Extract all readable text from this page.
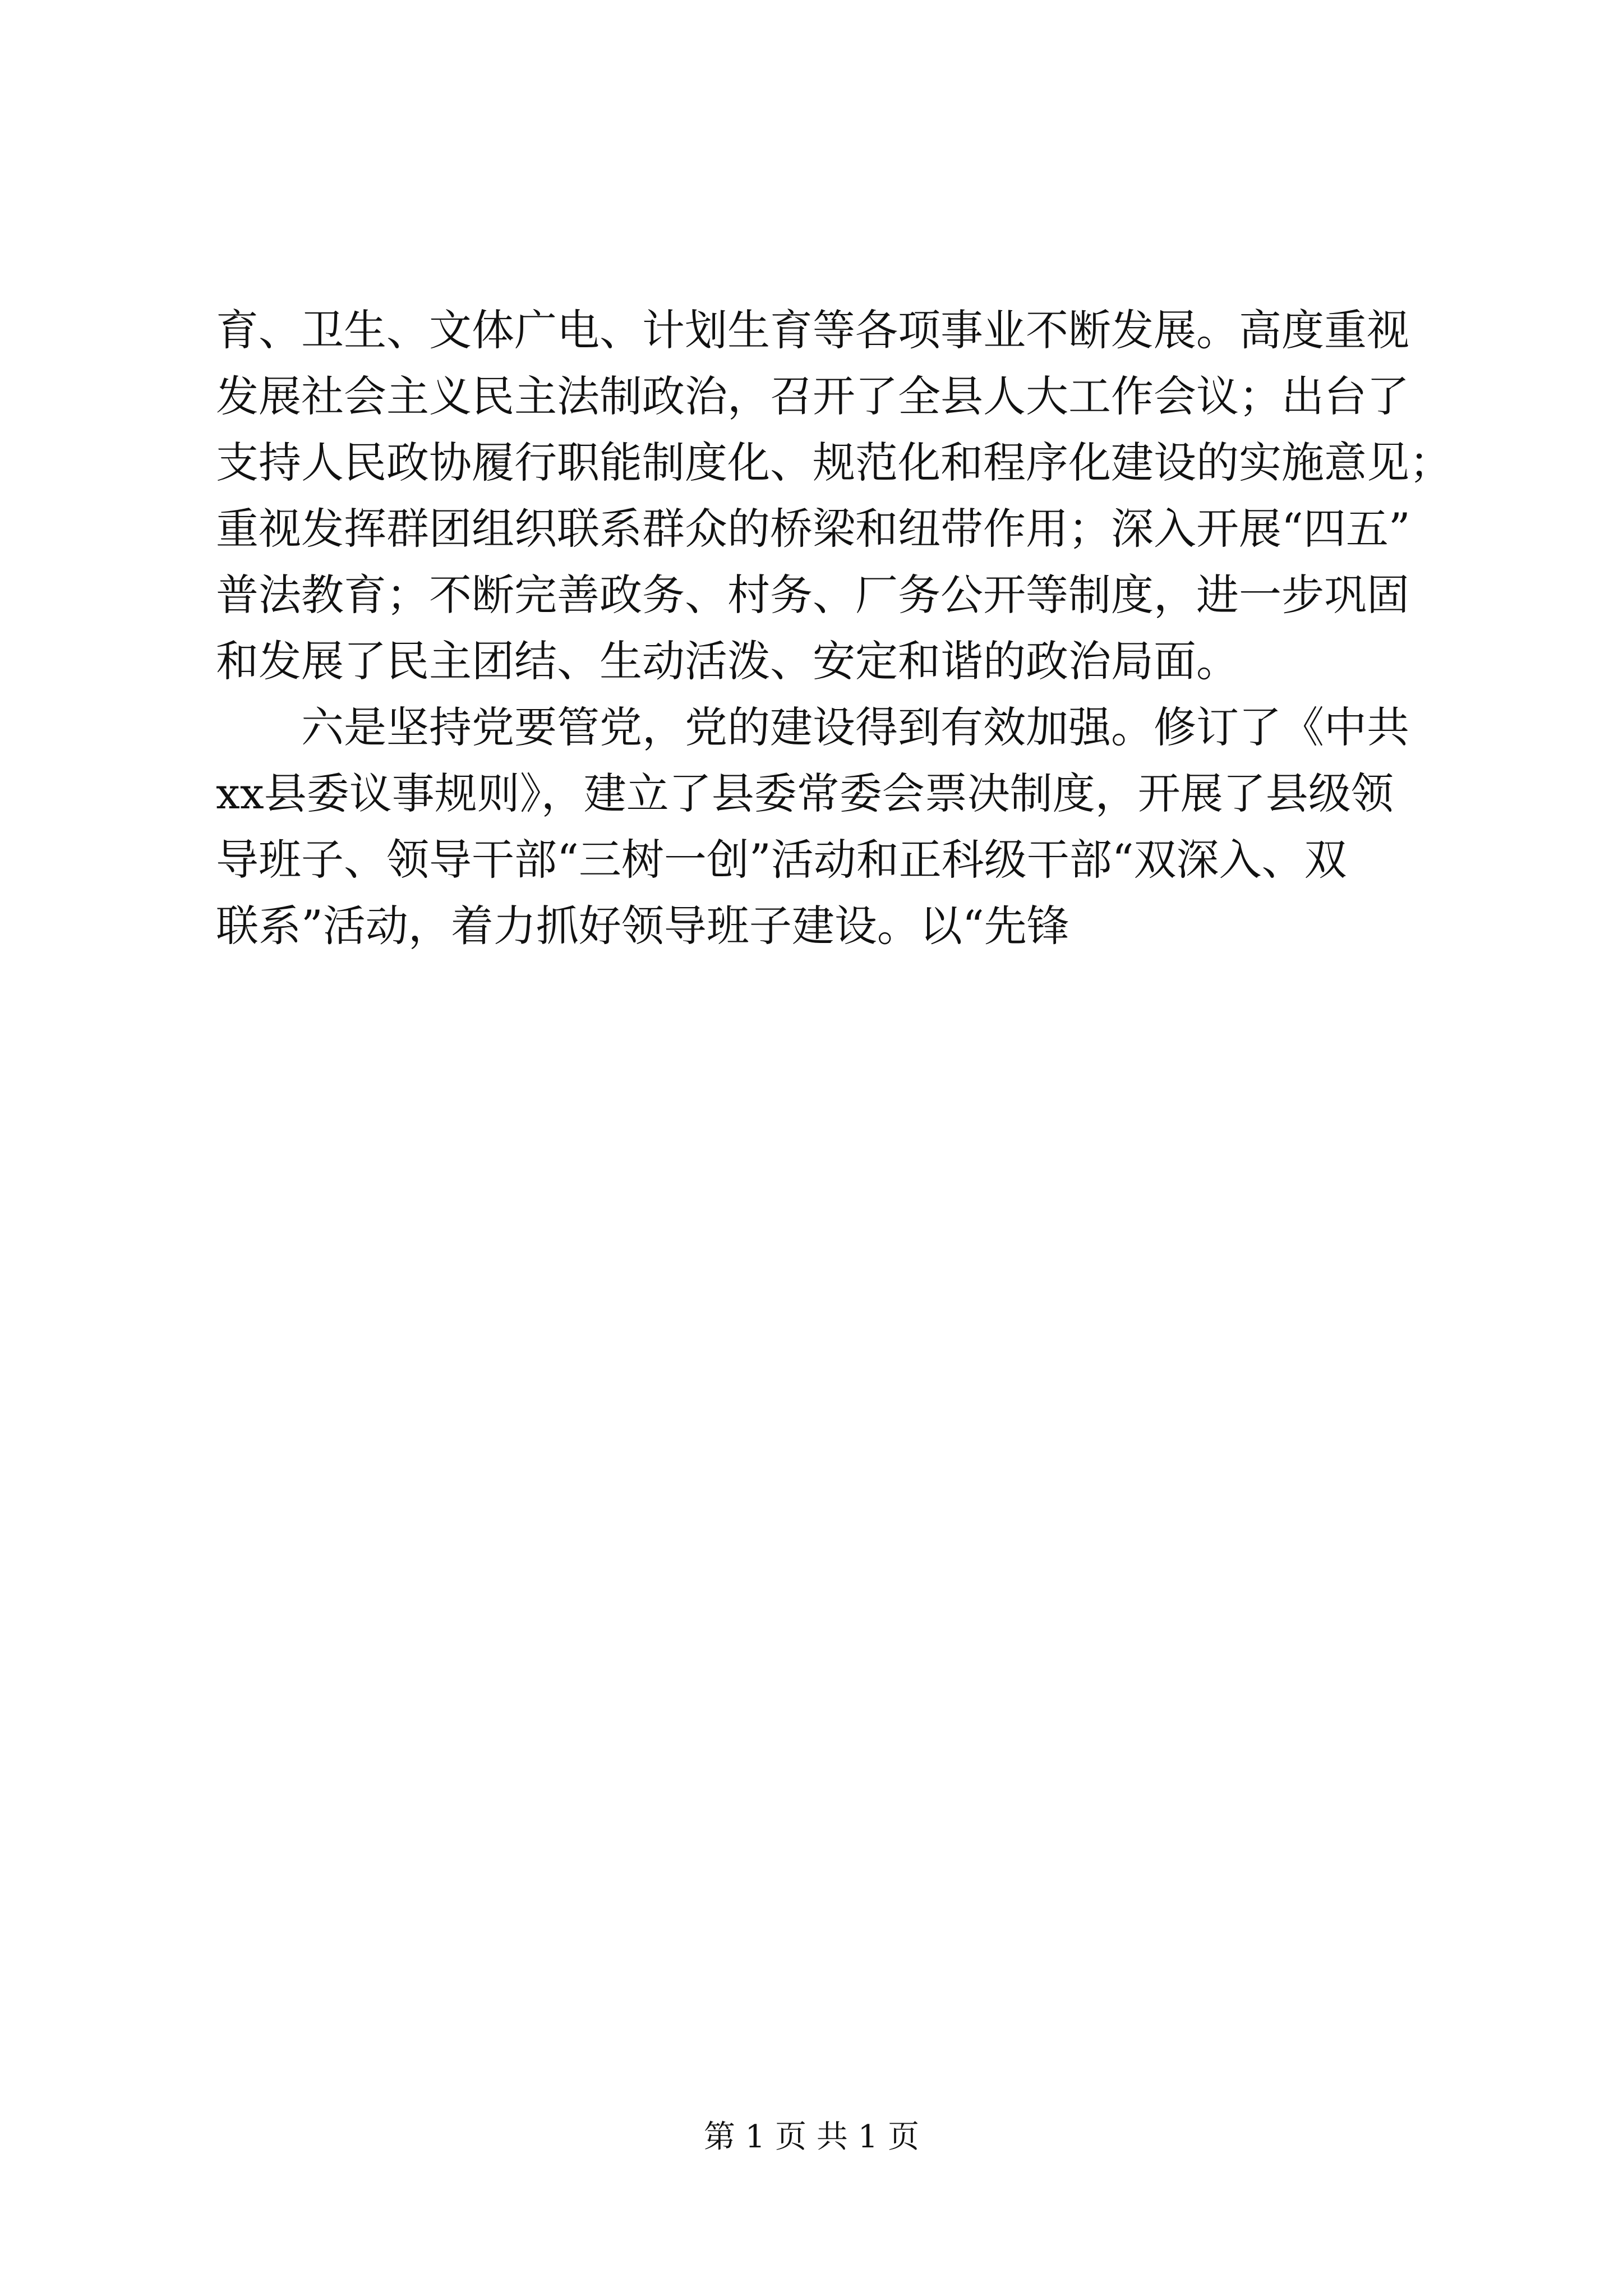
育、卫生、文体广电、计划生育等各项事业不断发展。高度重视
发展社会主义民主法制政治，召开了全县人大工作会议；出台了
支持人民政协履行职能制度化、规范化和程序化建设的实施意见；
重视发挥群团组织联系群众的桥梁和纽带作用；深入开展“四五”
普法教育；不断完善政务、村务、厂务公开等制度，进一步巩固
和发展了民主团结、生动活泼、安定和谐的政治局面。
六是坚持党要管党，党的建设得到有效加强。修订了《中共
xx县委议事规则》，建立了县委常委会票决制度，开展了县级领
导班子、领导干部“三树一创”活动和正科级干部“双深入、双
联系”活动，着力抓好领导班子建设。以“先锋
第 1 页 共 1 页
